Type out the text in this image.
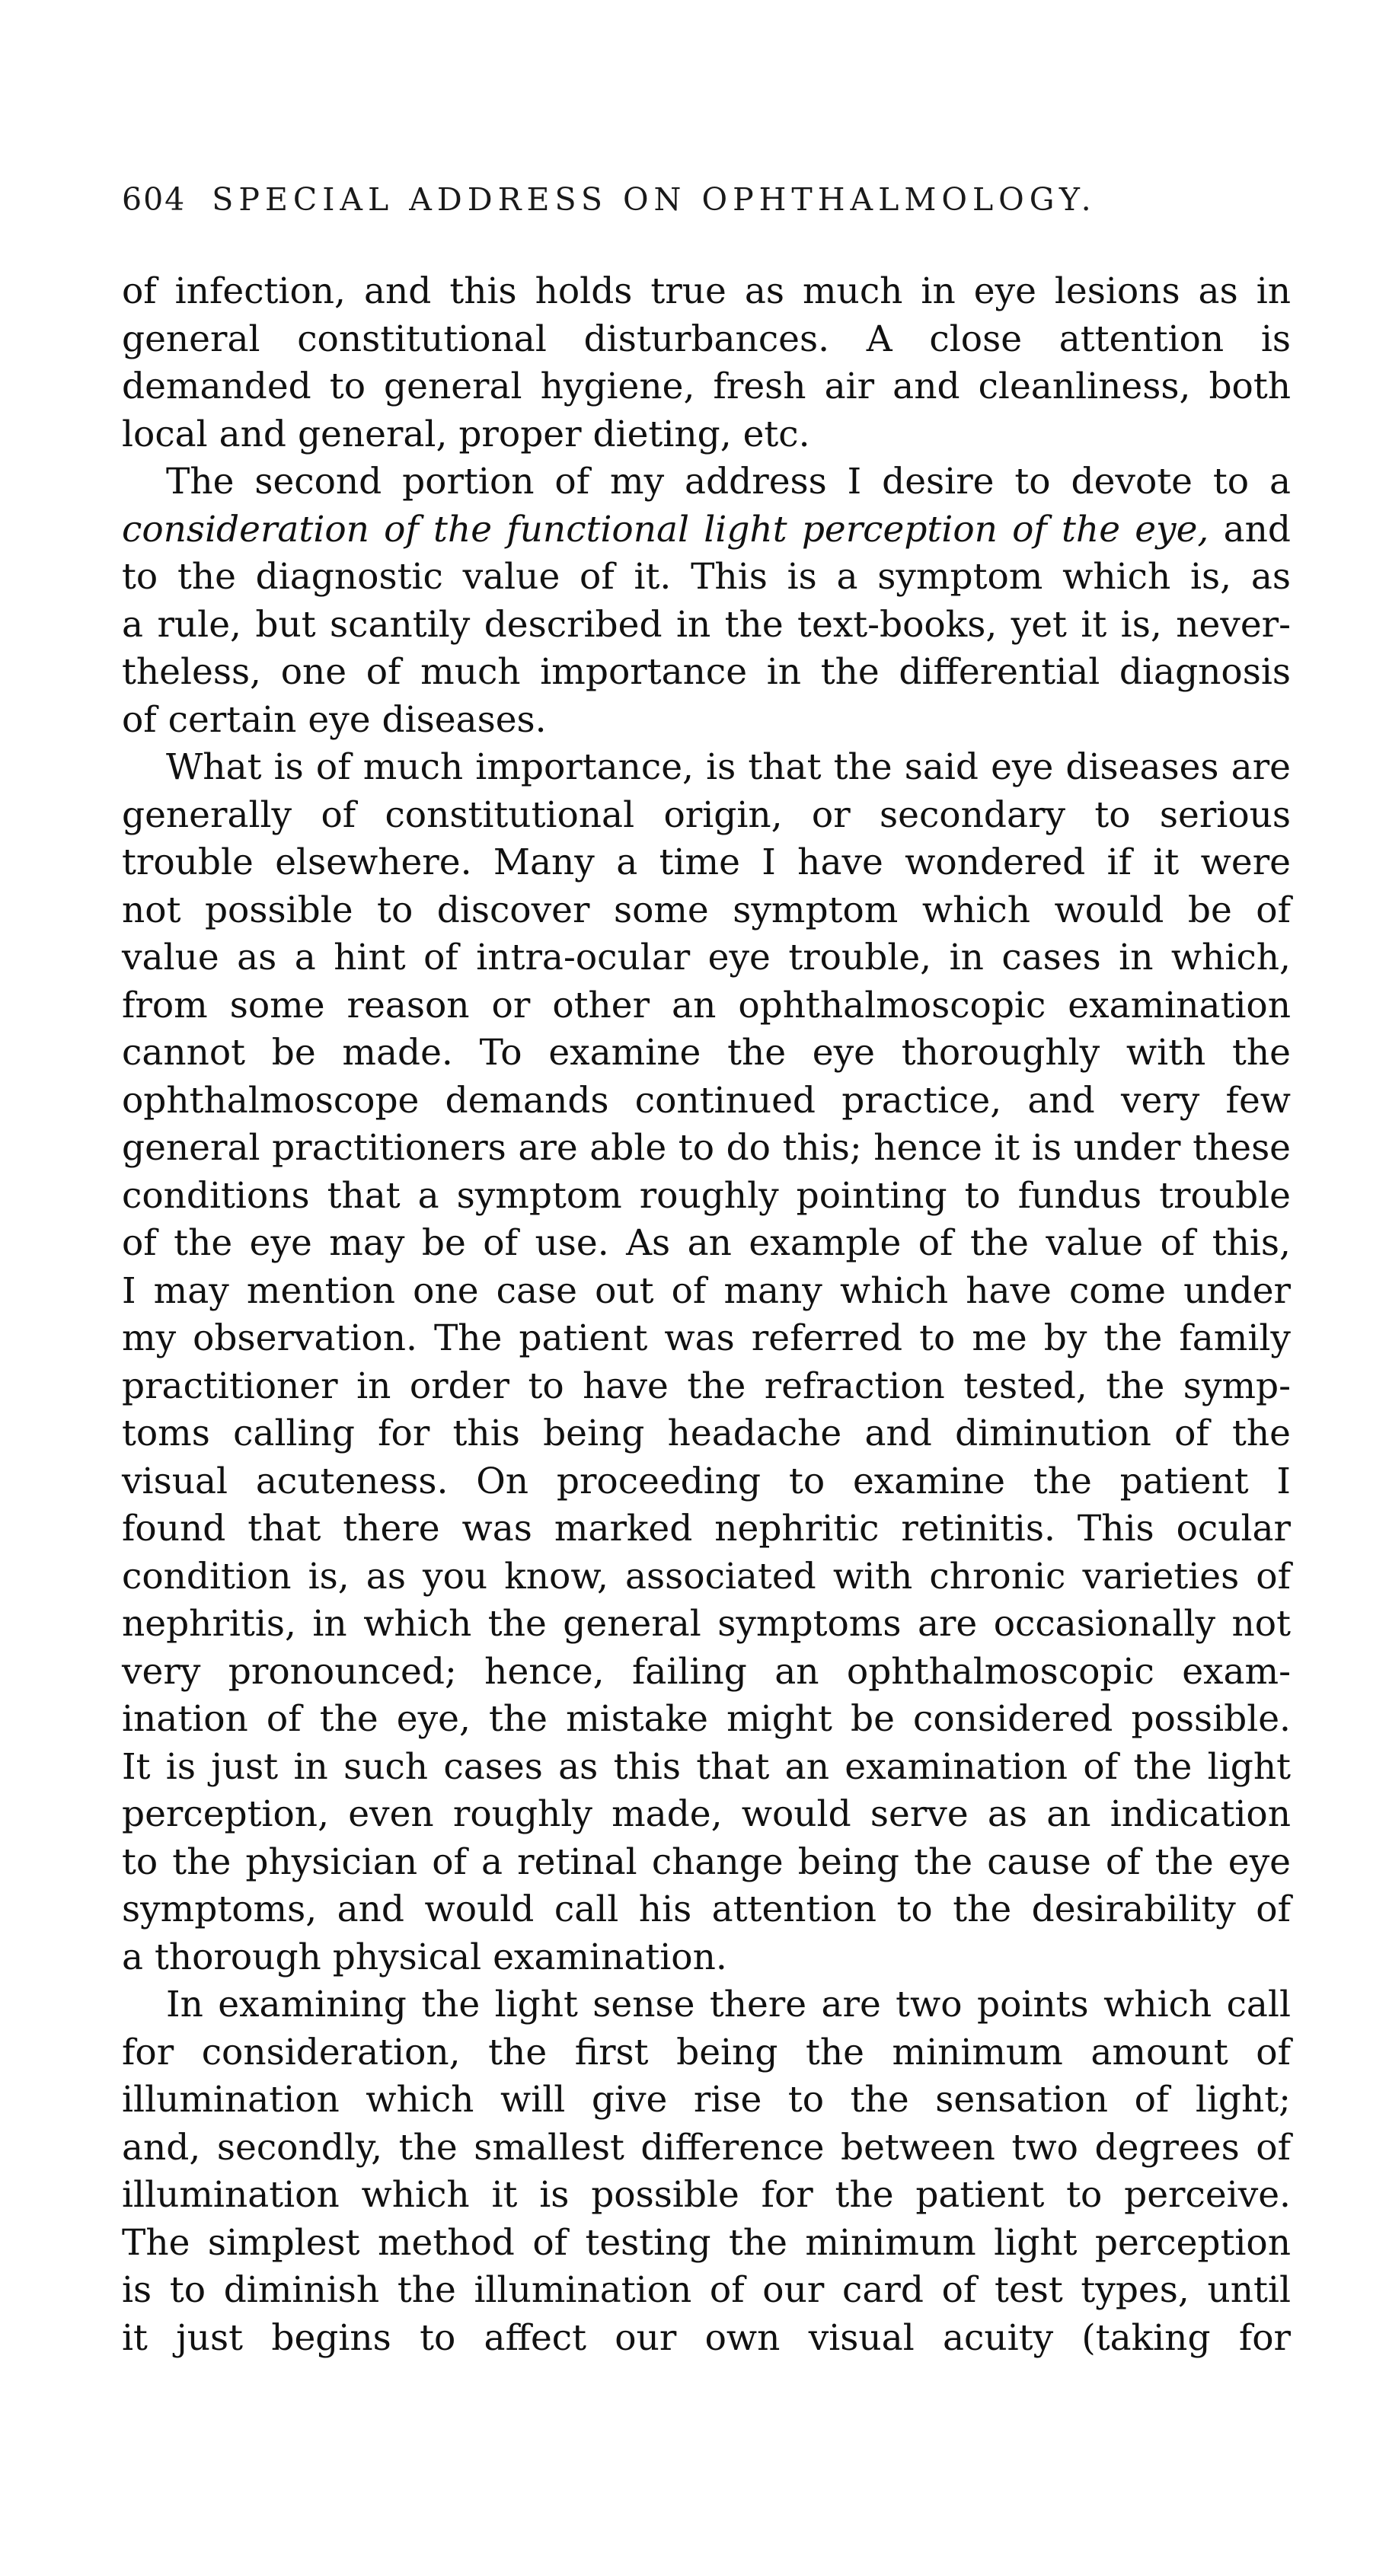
604 SPECIAL ADDRESS ON OPHTHALMOLOGY.
of infection, and this holds true as much in eye lesions as in
general constitutional disturbances. A close attention is
demanded to general hygiene, fresh air and cleanliness, both
local and general, proper dieting, etc.
The second portion of my address I desire to devote to a
consideration of the functional light perception of the eye, and
to the diagnostic value of it. This is a symptom which is, as
a rule, but scantily described in the text-books, yet it is, never-
theless, one of much importance in the differential diagnosis
of certain eye diseases.
What is of much importance, is that the said eye diseases are
generally of constitutional origin, or secondary to serious
trouble elsewhere. Many a time I have wondered if it were
not possible to discover some symptom which would be of
value as a hint of intra-ocular eye trouble, in cases in which,
from some reason or other an ophthalmoscopic examination
cannot be made. To examine the eye thoroughly with the
ophthalmoscope demands continued practice, and very few
general practitioners are able to do this; hence it is under these
conditions that a symptom roughly pointing to fundus trouble
of the eye may be of use. As an example of the value of this,
I may mention one case out of many which have come under
my observation. The patient was referred to me by the family
practitioner in order to have the refraction tested, the symp-
toms calling for this being headache and diminution of the
visual acuteness. On proceeding to examine the patient I
found that there was marked nephritic retinitis. This ocular
condition is, as you know, associated with chronic varieties of
nephritis, in which the general symptoms are occasionally not
very pronounced; hence, failing an ophthalmoscopic exam-
ination of the eye, the mistake might be considered possible.
It is just in such cases as this that an examination of the light
perception, even roughly made, would serve as an indication
to the physician of a retinal change being the cause of the eye
symptoms, and would call his attention to the desirability of
a thorough physical examination.
In examining the light sense there are two points which call
for consideration, the first being the minimum amount of
illumination which will give rise to the sensation of light;
and, secondly, the smallest difference between two degrees of
illumination which it is possible for the patient to perceive.
The simplest method of testing the minimum light perception
is to diminish the illumination of our card of test types, until
it just begins to affect our own visual acuity (taking for
